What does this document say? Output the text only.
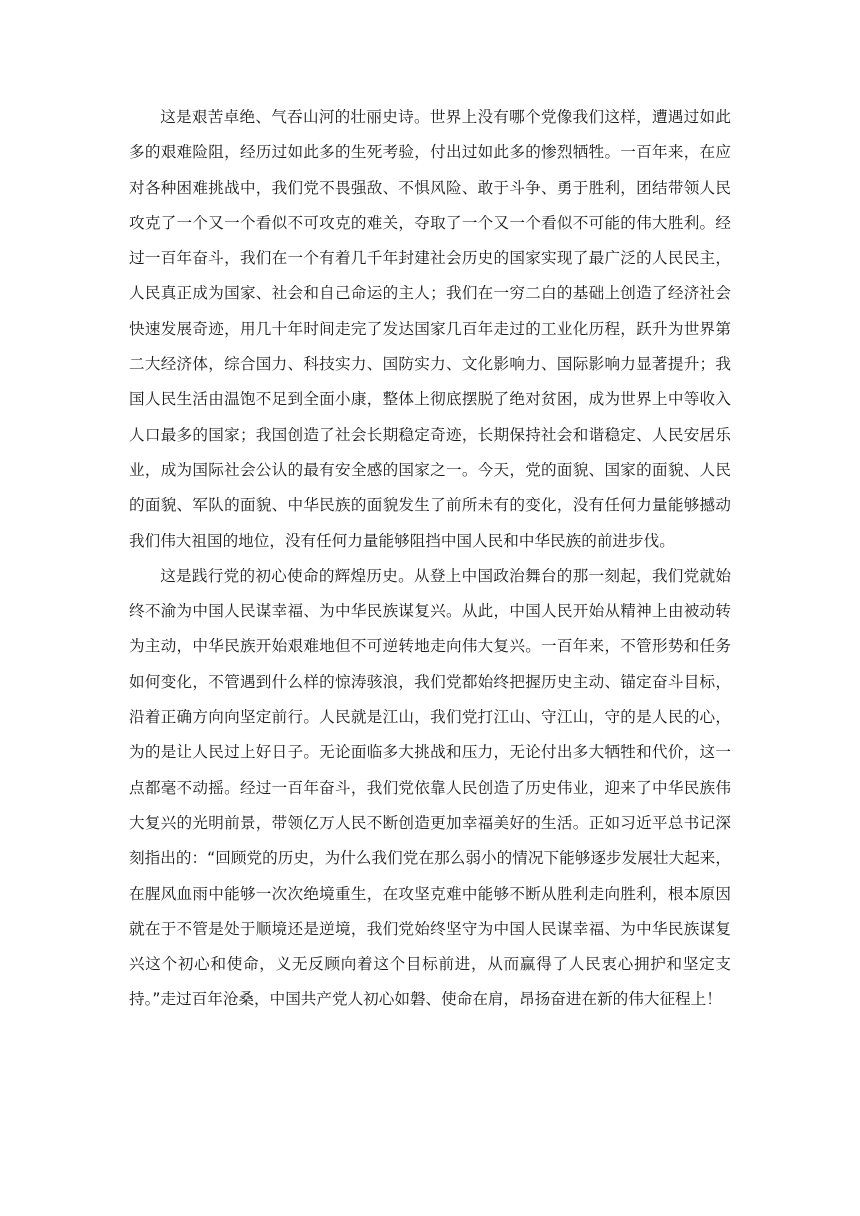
这是艰苦卓绝、气吞山河的壮丽史诗。世界上没有哪个党像我们这样，遭遇过如此多的艰难险阻，经历过如此多的生死考验，付出过如此多的惨烈牺牲。一百年来，在应对各种困难挑战中，我们党不畏强敌、不惧风险、敢于斗争、勇于胜利，团结带领人民攻克了一个又一个看似不可攻克的难关，夺取了一个又一个看似不可能的伟大胜利。经过一百年奋斗，我们在一个有着几千年封建社会历史的国家实现了最广泛的人民民主，人民真正成为国家、社会和自己命运的主人；我们在一穷二白的基础上创造了经济社会快速发展奇迹，用几十年时间走完了发达国家几百年走过的工业化历程，跃升为世界第二大经济体，综合国力、科技实力、国防实力、文化影响力、国际影响力显著提升；我国人民生活由温饱不足到全面小康，整体上彻底摆脱了绝对贫困，成为世界上中等收入人口最多的国家；我国创造了社会长期稳定奇迹，长期保持社会和谐稳定、人民安居乐业，成为国际社会公认的最有安全感的国家之一。今天，党的面貌、国家的面貌、人民的面貌、军队的面貌、中华民族的面貌发生了前所未有的变化，没有任何力量能够撼动我们伟大祖国的地位，没有任何力量能够阻挡中国人民和中华民族的前进步伐。

这是践行党的初心使命的辉煌历史。从登上中国政治舞台的那一刻起，我们党就始终不渝为中国人民谋幸福、为中华民族谋复兴。从此，中国人民开始从精神上由被动转为主动，中华民族开始艰难地但不可逆转地走向伟大复兴。一百年来，不管形势和任务如何变化，不管遇到什么样的惊涛骇浪，我们党都始终把握历史主动、锚定奋斗目标，沿着正确方向向坚定前行。人民就是江山，我们党打江山、守江山，守的是人民的心，为的是让人民过上好日子。无论面临多大挑战和压力，无论付出多大牺牲和代价，这一点都毫不动摇。经过一百年奋斗，我们党依靠人民创造了历史伟业，迎来了中华民族伟大复兴的光明前景，带领亿万人民不断创造更加幸福美好的生活。正如习近平总书记深刻指出的：“回顾党的历史，为什么我们党在那么弱小的情况下能够逐步发展壮大起来，在腥风血雨中能够一次次绝境重生，在攻坚克难中能够不断从胜利走向胜利，根本原因就在于不管是处于顺境还是逆境，我们党始终坚守为中国人民谋幸福、为中华民族谋复兴这个初心和使命，义无反顾向着这个目标前进，从而赢得了人民衷心拥护和坚定支持。”走过百年沧桑，中国共产党人初心如磐、使命在肩，昂扬奋进在新的伟大征程上！
